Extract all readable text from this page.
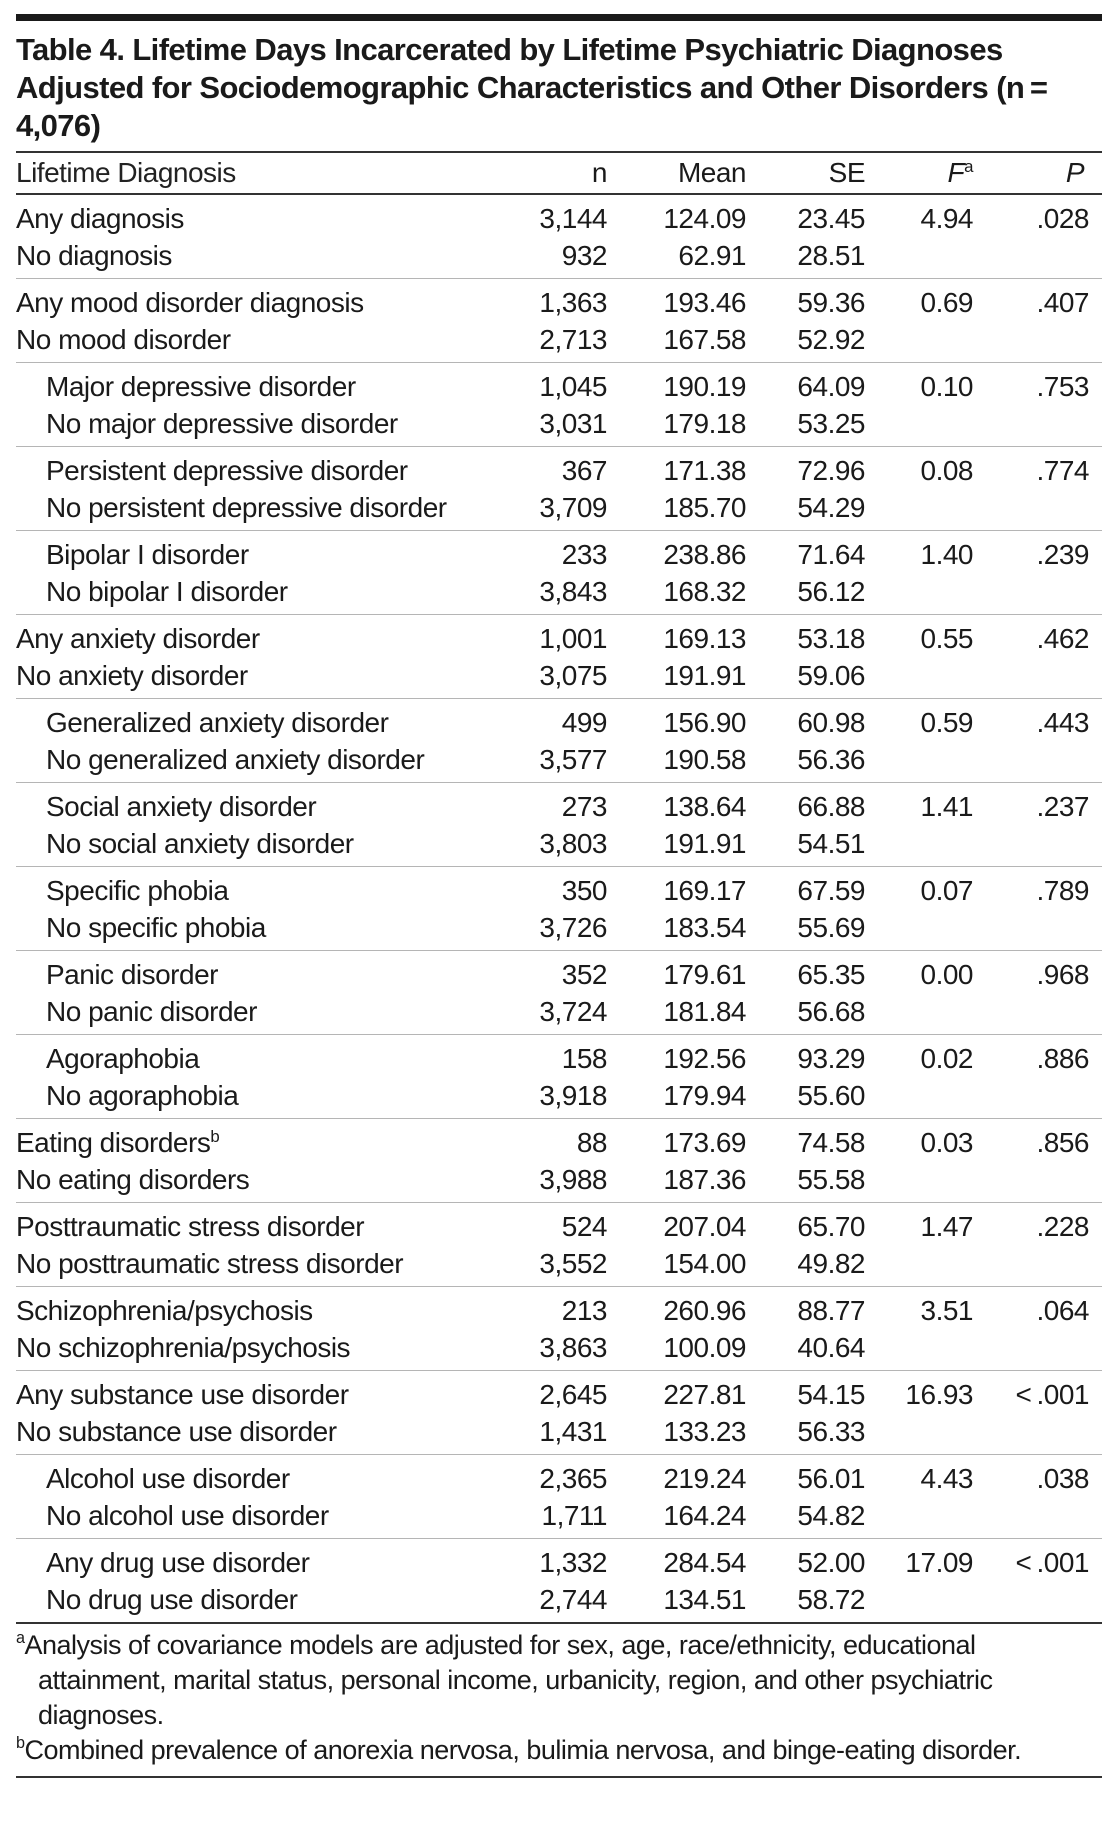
Table 4. Lifetime Days Incarcerated by Lifetime Psychiatric Diagnoses Adjusted for Sociodemographic Characteristics and Other Disorders (n = 4,076)
Lifetime Diagnosis	n	Mean	SE	$F^a$	P
Any diagnosis	3,144	124.09	23.45	4.94	.028
No diagnosis	932	62.91	28.51
Any mood disorder diagnosis	1,363	193.46	59.36	0.69	.407
No mood disorder	2,713	167.58	52.92
Major depressive disorder	1,045	190.19	64.09	0.10	.753
No major depressive disorder	3,031	179.18	53.25
Persistent depressive disorder	367	171.38	72.96	0.08	.774
No persistent depressive disorder	3,709	185.70	54.29
Bipolar I disorder	233	238.86	71.64	1.40	.239
No bipolar I disorder	3,843	168.32	56.12
Any anxiety disorder	1,001	169.13	53.18	0.55	.462
No anxiety disorder	3,075	191.91	59.06
Generalized anxiety disorder	499	156.90	60.98	0.59	.443
No generalized anxiety disorder	3,577	190.58	56.36
Social anxiety disorder	273	138.64	66.88	1.41	.237
No social anxiety disorder	3,803	191.91	54.51
Specific phobia	350	169.17	67.59	0.07	.789
No specific phobia	3,726	183.54	55.69
Panic disorder	352	179.61	65.35	0.00	.968
No panic disorder	3,724	181.84	56.68
Agoraphobia	158	192.56	93.29	0.02	.886
No agoraphobia	3,918	179.94	55.60
Eating disorders$^b$	88	173.69	74.58	0.03	.856
No eating disorders	3,988	187.36	55.58
Posttraumatic stress disorder	524	207.04	65.70	1.47	.228
No posttraumatic stress disorder	3,552	154.00	49.82
Schizophrenia/psychosis	213	260.96	88.77	3.51	.064
No schizophrenia/psychosis	3,863	100.09	40.64
Any substance use disorder	2,645	227.81	54.15	16.93	< .001
No substance use disorder	1,431	133.23	56.33
Alcohol use disorder	2,365	219.24	56.01	4.43	.038
No alcohol use disorder	1,711	164.24	54.82
Any drug use disorder	1,332	284.54	52.00	17.09	< .001
No drug use disorder	2,744	134.51	58.72
$^a$Analysis of covariance models are adjusted for sex, age, race/ethnicity, educational attainment, marital status, personal income, urbanicity, region, and other psychiatric diagnoses.
$^b$Combined prevalence of anorexia nervosa, bulimia nervosa, and binge-eating disorder.
